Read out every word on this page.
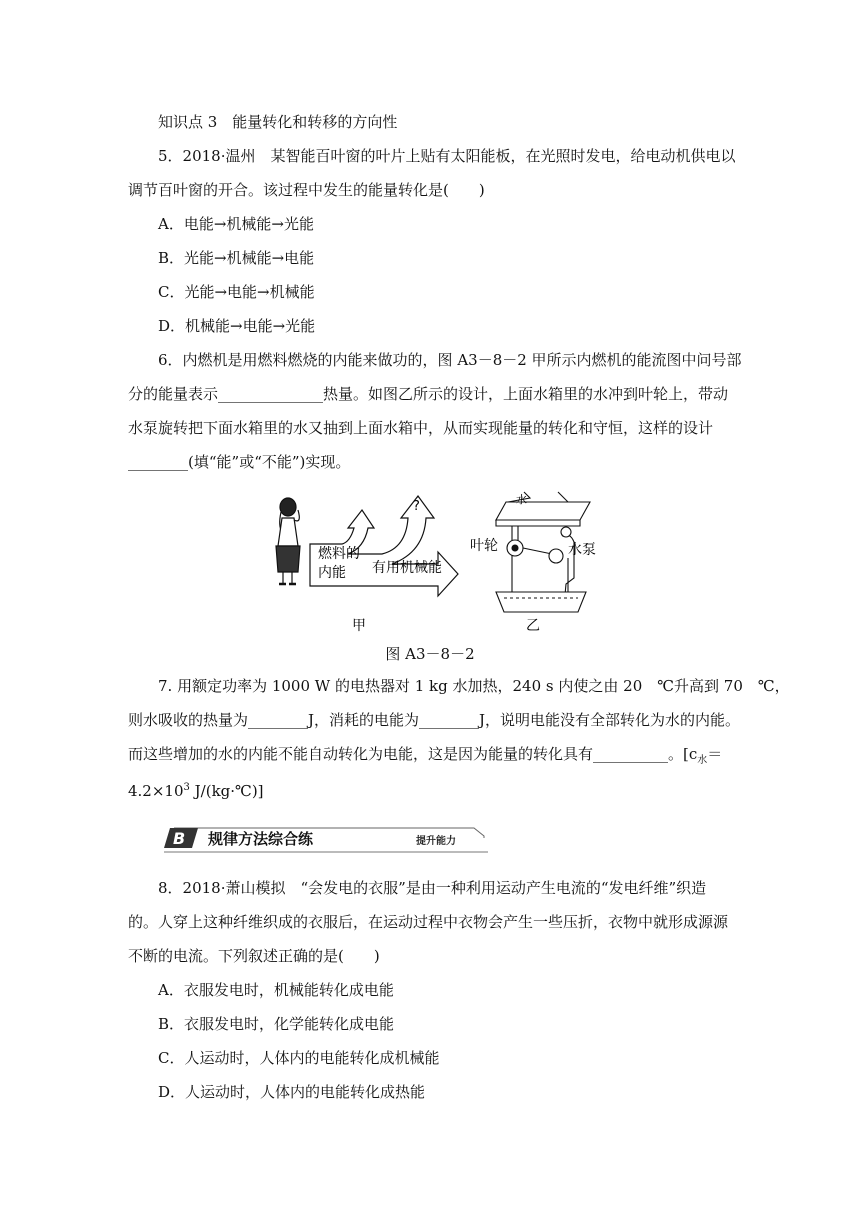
知识点 3　能量转化和转移的方向性
5．2018·温州　某智能百叶窗的叶片上贴有太阳能板，在光照时发电，给电动机供电以
调节百叶窗的开合。该过程中发生的能量转化是(　　)
A．电能→机械能→光能
B．光能→机械能→电能
C．光能→电能→机械能
D．机械能→电能→光能
6．内燃机是用燃料燃烧的内能来做功的，图 A3－8－2 甲所示内燃机的能流图中问号部
分的能量表示______________热量。如图乙所示的设计，上面水箱里的水冲到叶轮上，带动
水泵旋转把下面水箱里的水又抽到上面水箱中，从而实现能量的转化和守恒，这样的设计
________(填“能”或“不能”)实现。
?
燃料的
内能 有用机械能
甲
水
叶轮	水泵
乙
图 A3－8－2
7. 用额定功率为 1000 W 的电热器对 1 kg 水加热，240 s 内使之由 20　℃升高到 70　℃，
则水吸收的热量为________J，消耗的电能为________J，说明电能没有全部转化为水的内能。
而这些增加的水的内能不能自动转化为电能，这是因为能量的转化具有__________。[$c_水=$
$4.2\times 10^3$ J/(kg·℃)]
B 规律方法综合练	提升能力
8．2018·萧山模拟　“会发电的衣服”是由一种利用运动产生电流的“发电纤维”织造
的。人穿上这种纤维织成的衣服后，在运动过程中衣物会产生一些压折，衣物中就形成源源
不断的电流。下列叙述正确的是(　　)
A．衣服发电时，机械能转化成电能
B．衣服发电时，化学能转化成电能
C．人运动时，人体内的电能转化成机械能
D．人运动时，人体内的电能转化成热能
